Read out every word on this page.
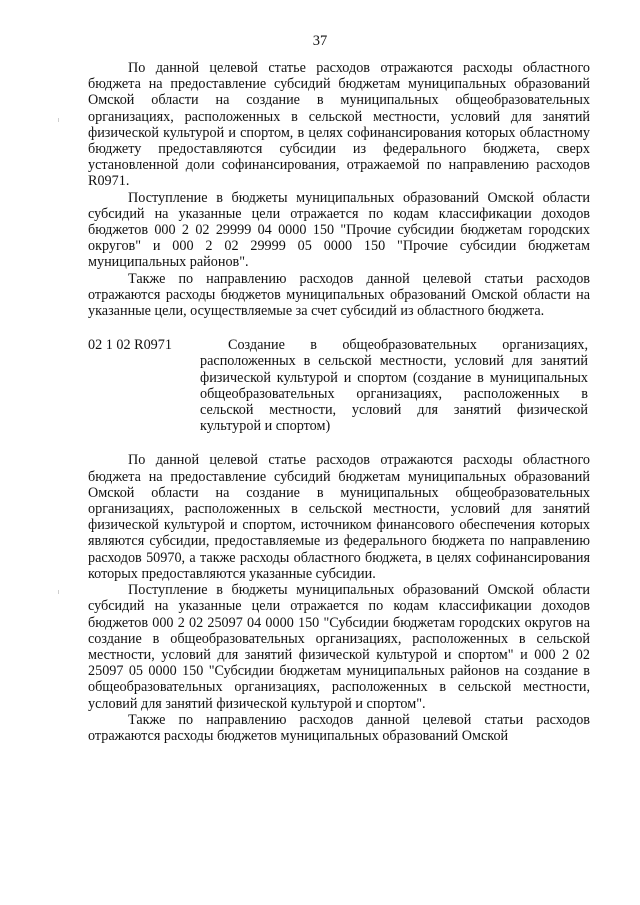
37

По данной целевой статье расходов отражаются расходы областного бюджета на предоставление субсидий бюджетам муниципальных образований Омской области на создание в муниципальных общеобразовательных организациях, расположенных в сельской местности, условий для занятий физической культурой и спортом, в целях софинансирования которых областному бюджету предоставляются субсидии из федерального бюджета, сверх установленной доли софинансирования, отражаемой по направлению расходов R0971.

Поступление в бюджеты муниципальных образований Омской области субсидий на указанные цели отражается по кодам классификации доходов бюджетов 000 2 02 29999 04 0000 150 "Прочие субсидии бюджетам городских округов" и 000 2 02 29999 05 0000 150 "Прочие субсидии бюджетам муниципальных районов".

Также по направлению расходов данной целевой статьи расходов отражаются расходы бюджетов муниципальных образований Омской области на указанные цели, осуществляемые за счет субсидий из областного бюджета.

02 1 02 R0971	Создание в общеобразовательных организациях, расположенных в сельской местности, условий для занятий физической культурой и спортом (создание в муниципальных общеобразовательных организациях, расположенных в сельской местности, условий для занятий физической культурой и спортом)

По данной целевой статье расходов отражаются расходы областного бюджета на предоставление субсидий бюджетам муниципальных образований Омской области на создание в муниципальных общеобразовательных организациях, расположенных в сельской местности, условий для занятий физической культурой и спортом, источником финансового обеспечения которых являются субсидии, предоставляемые из федерального бюджета по направлению расходов 50970, а также расходы областного бюджета, в целях софинансирования которых предоставляются указанные субсидии.

Поступление в бюджеты муниципальных образований Омской области субсидий на указанные цели отражается по кодам классификации доходов бюджетов 000 2 02 25097 04 0000 150 "Субсидии бюджетам городских округов на создание в общеобразовательных организациях, расположенных в сельской местности, условий для занятий физической культурой и спортом" и 000 2 02 25097 05 0000 150 "Субсидии бюджетам муниципальных районов на создание в общеобразовательных организациях, расположенных в сельской местности, условий для занятий физической культурой и спортом".

Также по направлению расходов данной целевой статьи расходов отражаются расходы бюджетов муниципальных образований Омской
